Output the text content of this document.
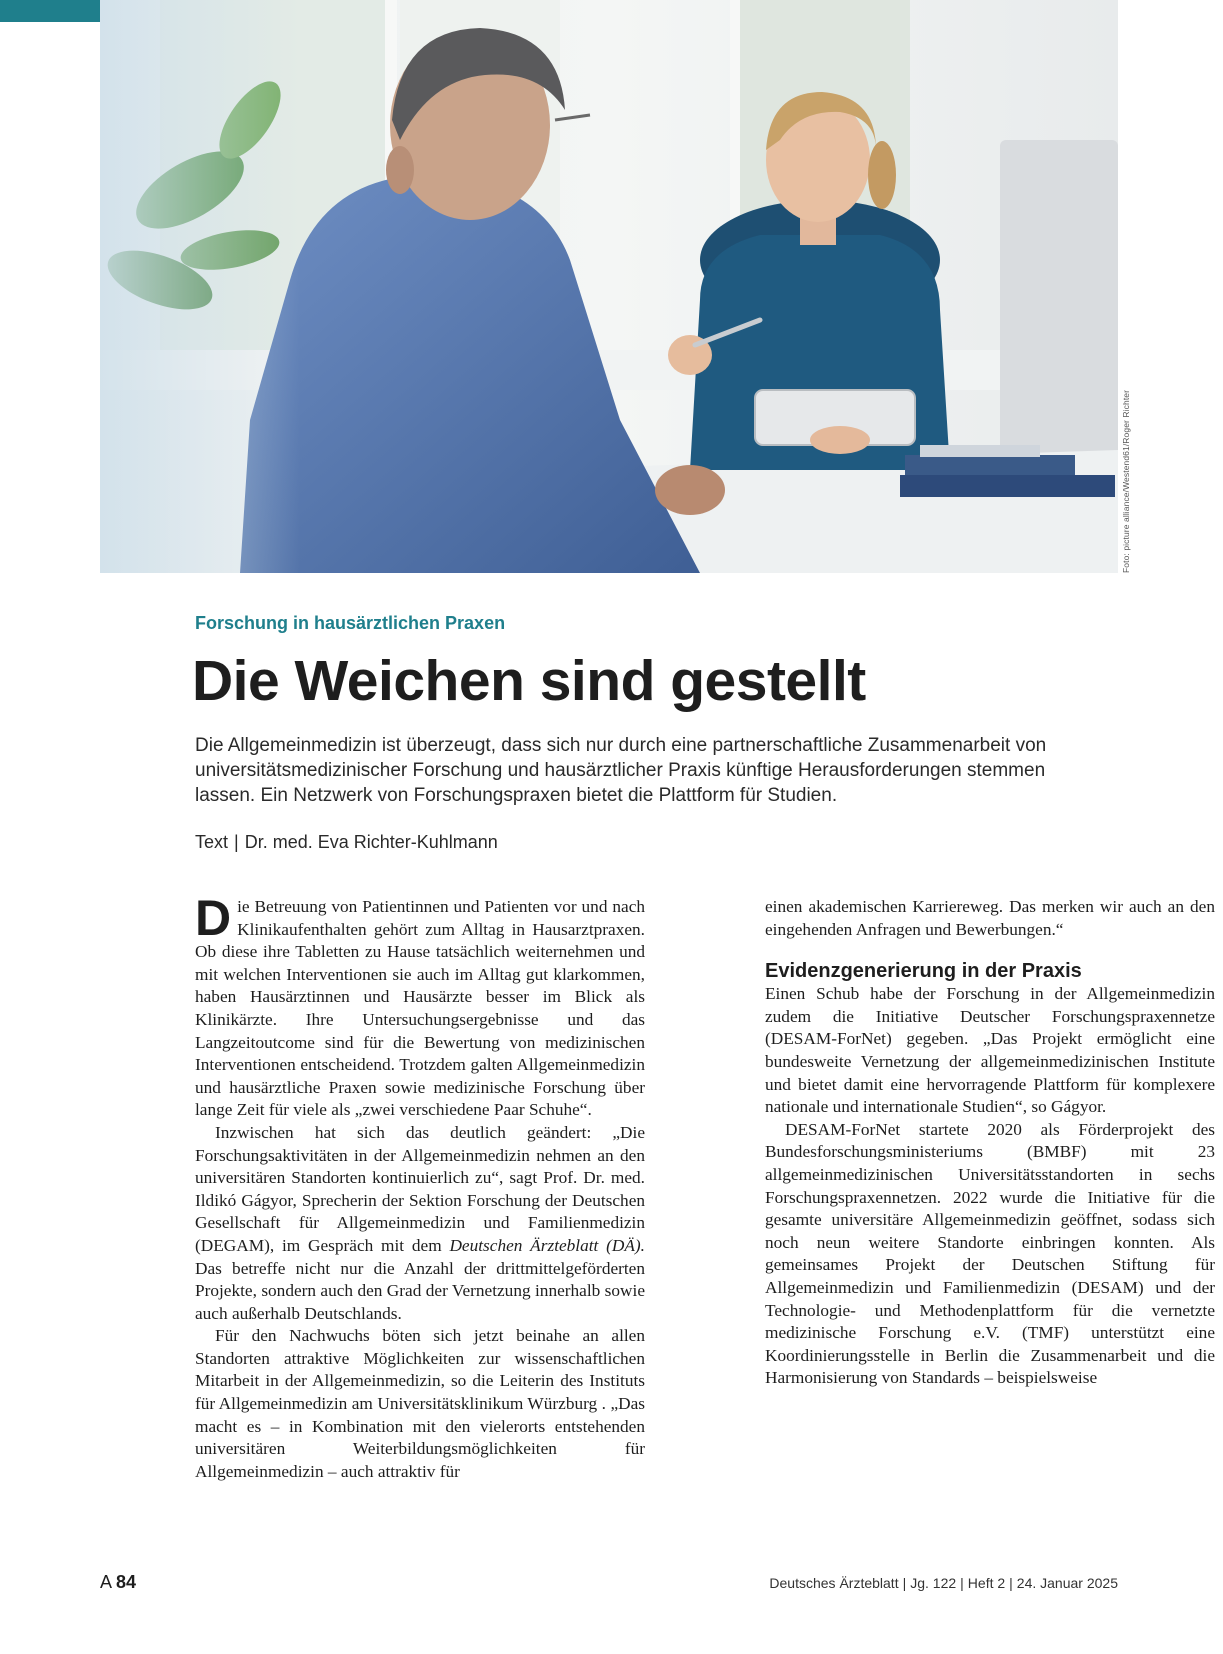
Foto: picture alliance/Westend61/Roger Richter
Forschung in hausärztlichen Praxen
Die Weichen sind gestellt

Die Allgemeinmedizin ist überzeugt, dass sich nur durch eine partnerschaftliche Zusammenarbeit von universitätsmedizinischer Forschung und hausärztlicher Praxis künftige Herausforderungen stemmen lassen. Ein Netzwerk von Forschungspraxen bietet die Plattform für Studien.

Text | Dr. med. Eva Richter-Kuhlmann

Die Betreuung von Patientinnen und Patienten vor und nach Klinikaufenthalten gehört zum Alltag in Hausarztpraxen. Ob diese ihre Tabletten zu Hause tatsächlich weiternehmen und mit welchen Interventionen sie auch im Alltag gut klarkommen, haben Hausärztinnen und Hausärzte besser im Blick als Klinikärzte. Ihre Untersuchungsergebnisse und das Langzeitoutcome sind für die Bewertung von medizinischen Interventionen entscheidend. Trotzdem galten Allgemeinmedizin und hausärztliche Praxen sowie medizinische Forschung über lange Zeit für viele als „zwei verschiedene Paar Schuhe“.

Inzwischen hat sich das deutlich geändert: „Die Forschungsaktivitäten in der Allgemeinmedizin nehmen an den universitären Standorten kontinuierlich zu“, sagt Prof. Dr. med. Ildikó Gágyor, Sprecherin der Sektion Forschung der Deutschen Gesellschaft für Allgemeinmedizin und Familienmedizin (DEGAM), im Gespräch mit dem Deutschen Ärzteblatt (DÄ). Das betreffe nicht nur die Anzahl der drittmittelgeförderten Projekte, sondern auch den Grad der Vernetzung innerhalb sowie auch außerhalb Deutschlands.

Für den Nachwuchs böten sich jetzt beinahe an allen Standorten attraktive Möglichkeiten zur wissenschaftlichen Mitarbeit in der Allgemeinmedizin, so die Leiterin des Instituts für Allgemeinmedizin am Universitätsklinikum Würzburg . „Das macht es – in Kombination mit den vielerorts entstehenden universitären Weiterbildungsmöglichkeiten für Allgemeinmedizin – auch attraktiv für

einen akademischen Karriereweg. Das merken wir auch an den eingehenden Anfragen und Bewerbungen.“

Evidenzgenerierung in der Praxis

Einen Schub habe der Forschung in der Allgemeinmedizin zudem die Initiative Deutscher Forschungspraxennetze (DESAM-ForNet) gegeben. „Das Projekt ermöglicht eine bundesweite Vernetzung der allgemeinmedizinischen Institute und bietet damit eine hervorragende Plattform für komplexere nationale und internationale Studien“, so Gágyor.

DESAM-ForNet startete 2020 als Förderprojekt des Bundesforschungsministeriums (BMBF) mit 23 allgemeinmedizinischen Universitätsstandorten in sechs Forschungspraxennetzen. 2022 wurde die Initiative für die gesamte universitäre Allgemeinmedizin geöffnet, sodass sich noch neun weitere Standorte einbringen konnten. Als gemeinsames Projekt der Deutschen Stiftung für Allgemeinmedizin und Familienmedizin (DESAM) und der Technologie- und Methodenplattform für die vernetzte medizinische Forschung e.V. (TMF) unterstützt eine Koordinierungsstelle in Berlin die Zusammenarbeit und die Harmonisierung von Standards – beispielsweise

A 84	Deutsches Ärzteblatt | Jg. 122 | Heft 2 | 24. Januar 2025
